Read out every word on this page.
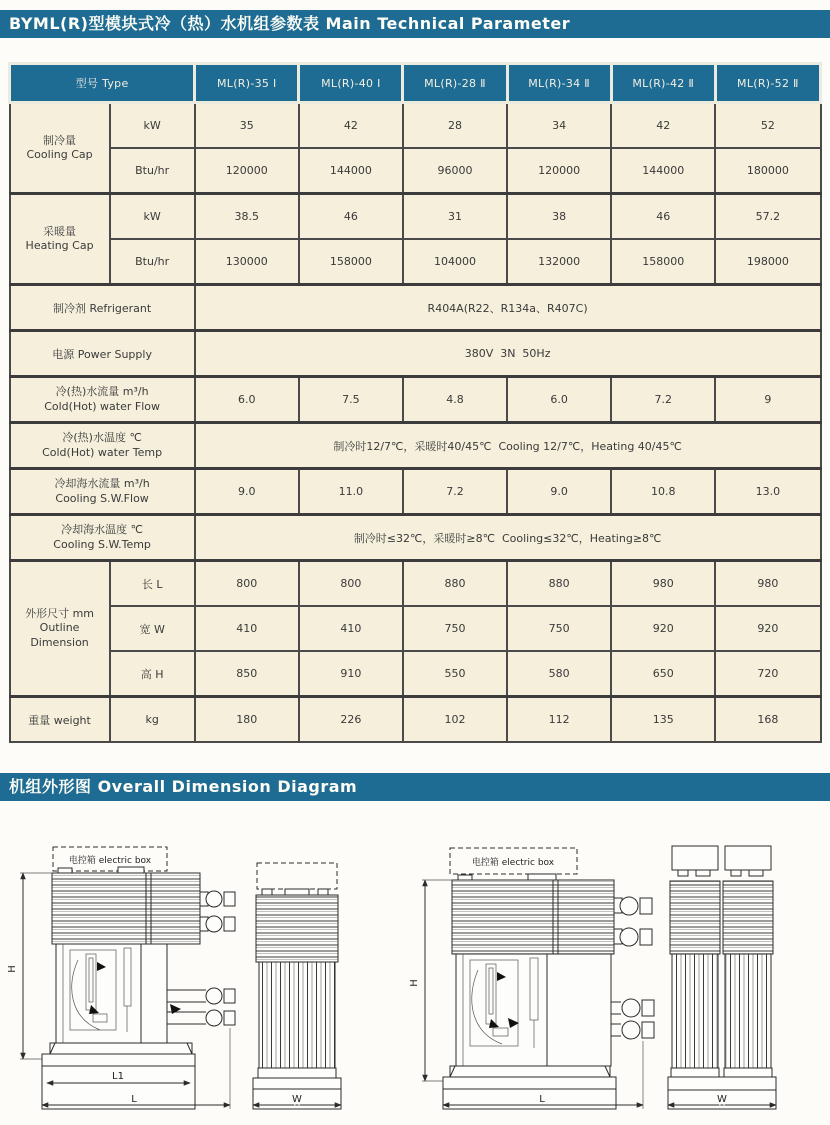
BYML(R)型模块式冷（热）水机组参数表 Main Technical Parameter
型号 Type		ML(R)-35 Ⅰ	ML(R)-40 Ⅰ	ML(R)-28 Ⅱ	ML(R)-34 Ⅱ	ML(R)-42 Ⅱ	ML(R)-52 Ⅱ

制冷量
Cooling Cap	kW	35	42	28	34	42	52
	Btu/hr	120000	144000	96000	120000	144000	180000

采暖量
Heating Cap	kW	38.5	46	31	38	46	57.2
	Btu/hr	130000	158000	104000	132000	158000	198000
制冷剂 Refrigerant		R404A(R22、R134a、R407C)					
电源 Power Supply		380V  3N  50Hz					

冷(热)水流量 m³/h
Cold(Hot) water Flow		6.0	7.5	4.8	6.0	7.2	9

冷(热)水温度 ℃
Cold(Hot) water Temp		制冷时12/7℃，采暖时40/45℃  Cooling 12/7℃，Heating 40/45℃					

冷却海水流量 m³/h
Cooling S.W.Flow		9.0	11.0	7.2	9.0	10.8	13.0

冷却海水温度 ℃
Cooling S.W.Temp		制冷时≤32℃，采暖时≥8℃  Cooling≤32℃，Heating≥8℃					

外形尺寸 mm
Outline Dimension	长 L	800	800	880	880	980	980
	宽 W	410	410	750	750	920	920
	高 H	850	910	550	580	650	720
重量 weight	kg	180	226	102	112	135	168
机组外形图 Overall Dimension Diagram
电控箱 electric box
L1
L
H
W
电控箱 electric box
L
H
W
